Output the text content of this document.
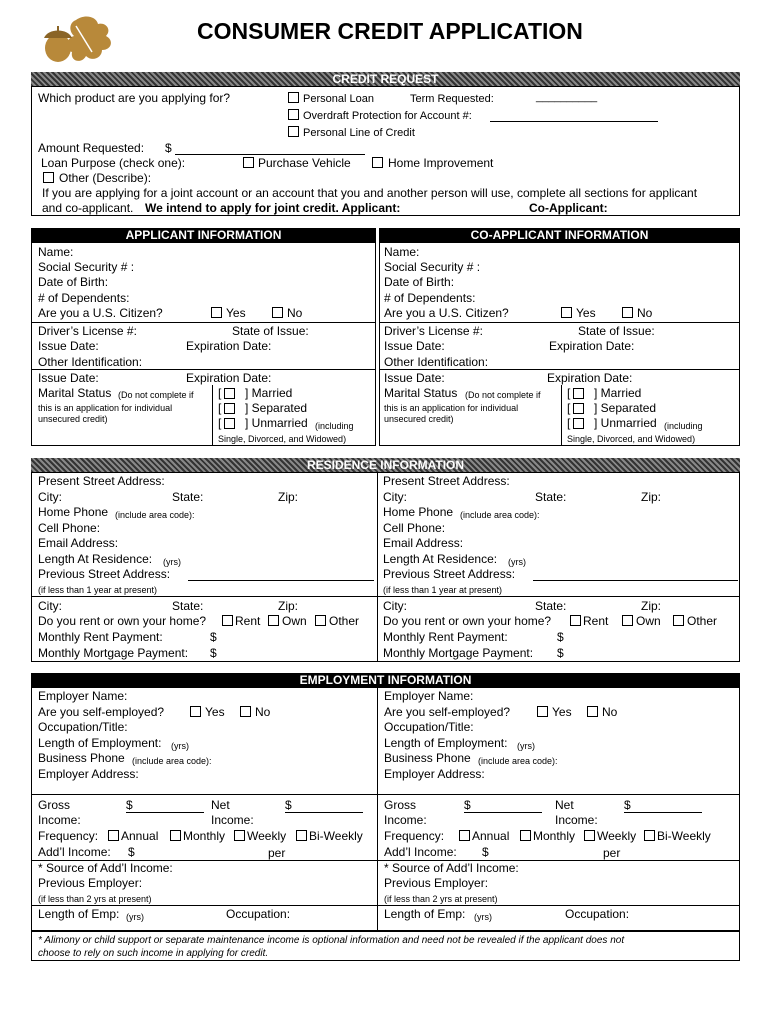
CONSUMER CREDIT APPLICATION
CREDIT REQUEST
Which product are you applying for?	Personal Loan	Term Requested:	__________
Overdraft Protection for Account #:
Personal Line of Credit
Amount Requested: $
Loan Purpose (check one):	Purchase Vehicle	Home Improvement
Other (Describe):
If you are applying for a joint account or an account that you and another person will use, complete all sections for applicant
and co-applicant. We intend to apply for joint credit. Applicant:	Co-Applicant:
APPLICANT INFORMATION	CO-APPLICANT INFORMATION
Name:
Social Security # :
Date of Birth:
# of Dependents:
Are you a U.S. Citizen?	Yes	No
Driver’s License #:	State of Issue:
Issue Date:	Expiration Date:
Other Identification:
Issue Date:	Expiration Date:
Marital Status (Do not complete if
this is an application for individual
unsecured credit)
[ ] Married
[ ] Separated
[ ] Unmarried (including
Single, Divorced, and Widowed)
Name:
Social Security # :
Date of Birth:
# of Dependents:
Are you a U.S. Citizen?	Yes	No
Driver’s License #:	State of Issue:
Issue Date:	Expiration Date:
Other Identification:
Issue Date:	Expiration Date:
Marital Status (Do not complete if
this is an application for individual
unsecured credit)
[ ] Married
[ ] Separated
[ ] Unmarried (including
Single, Divorced, and Widowed)
RESIDENCE INFORMATION
Present Street Address:
City:	State:	Zip:
Home Phone (include area code):
Cell Phone:
Email Address:
Length At Residence: (yrs)
Previous Street Address:
(if less than 1 year at present)
City:	State:	Zip:
Do you rent or own your home? Rent Own Other
Monthly Rent Payment:	$
Monthly Mortgage Payment: $
Present Street Address:
City:	State:	Zip:
Home Phone (include area code):
Cell Phone:
Email Address:
Length At Residence: (yrs)
Previous Street Address:
(if less than 1 year at present)
City:	State:	Zip:
Do you rent or own your home?	Rent Own Other
Monthly Rent Payment:	$
Monthly Mortgage Payment: $
EMPLOYMENT INFORMATION
Employer Name:
Are you self-employed?	Yes	No
Occupation/Title:
Length of Employment: (yrs)
Business Phone (include area code):
Employer Address:
Gross	$	Net	$
Income:	Income:
Frequency: Annual Monthly Weekly Bi-Weekly
Add’l Income: $	per
* Source of Add’l Income:
Previous Employer:
(if less than 2 yrs at present)
Length of Emp: (yrs)	Occupation:
Employer Name:
Are you self-employed?	Yes	No
Occupation/Title:
Length of Employment: (yrs)
Business Phone (include area code):
Employer Address:
Gross	$	Net	$
Income:	Income:
Frequency: Annual Monthly Weekly Bi-Weekly
Add’l Income: $	per
* Source of Add’l Income:
Previous Employer:
(if less than 2 yrs at present)
Length of Emp: (yrs)	Occupation:
* Alimony or child support or separate maintenance income is optional information and need not be revealed if the applicant does not
choose to rely on such income in applying for credit.
